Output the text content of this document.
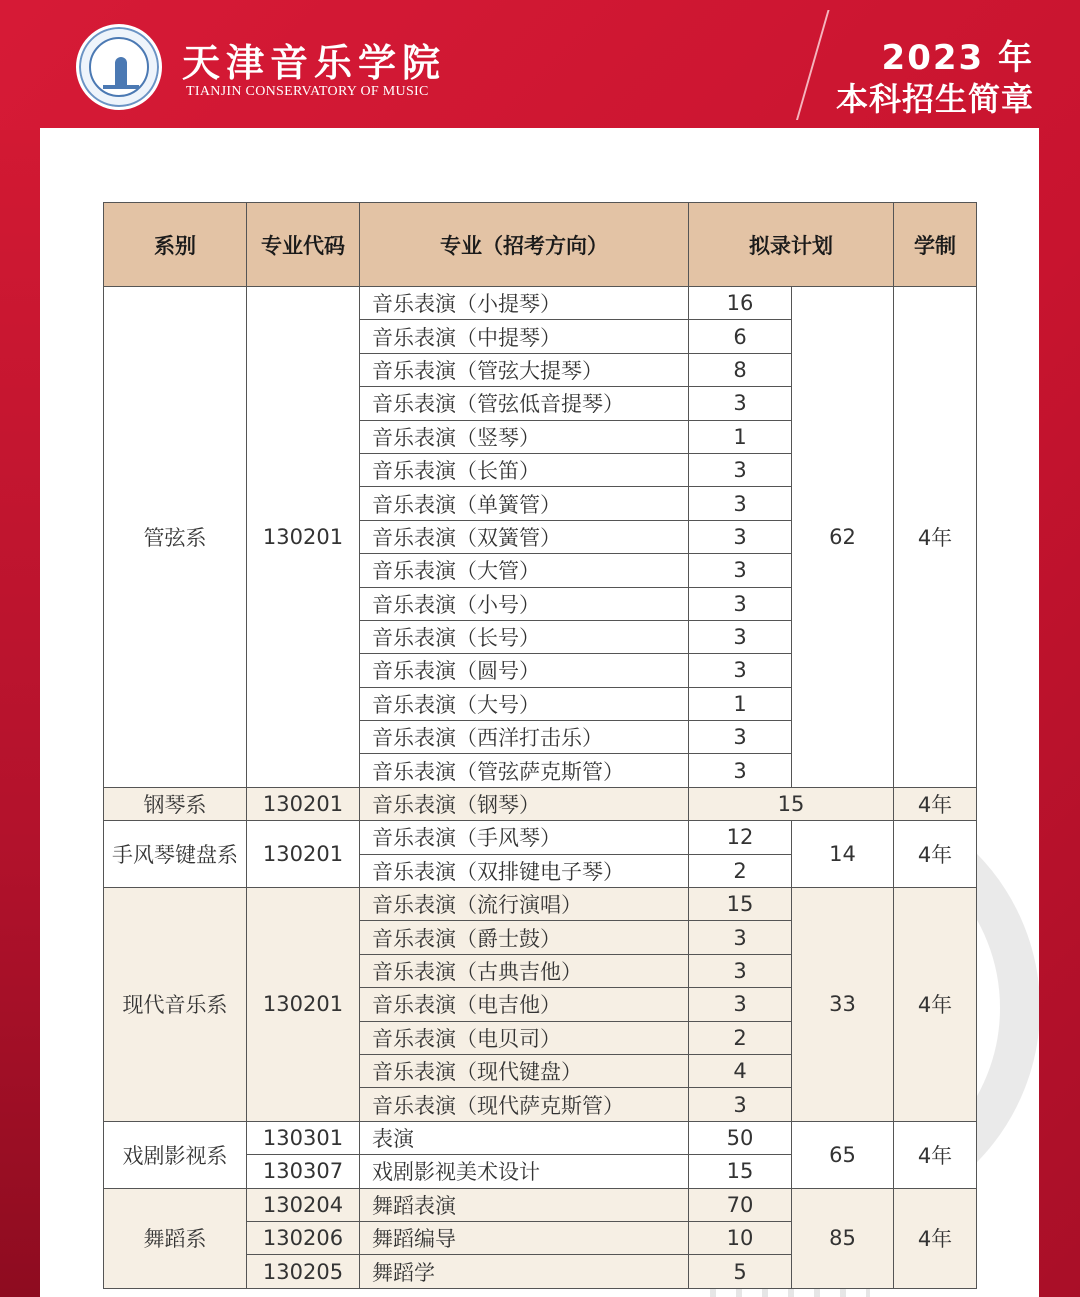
天津音乐学院
TIANJIN CONSERVATORY OF MUSIC
2023 年
本科招生简章
系别	专业代码	专业（招考方向）	拟录计划		学制
管弦系	130201	音乐表演（小提琴）	16	62	4年
		音乐表演（中提琴）	6		
		音乐表演（管弦大提琴）	8		
		音乐表演（管弦低音提琴）	3		
		音乐表演（竖琴）	1		
		音乐表演（长笛）	3		
		音乐表演（单簧管）	3		
		音乐表演（双簧管）	3		
		音乐表演（大管）	3		
		音乐表演（小号）	3		
		音乐表演（长号）	3		
		音乐表演（圆号）	3		
		音乐表演（大号）	1		
		音乐表演（西洋打击乐）	3		
		音乐表演（管弦萨克斯管）	3		
钢琴系	130201	音乐表演（钢琴）	15		4年
手风琴键盘系	130201	音乐表演（手风琴）	12	14	4年
		音乐表演（双排键电子琴）	2		
现代音乐系	130201	音乐表演（流行演唱）	15	33	4年
		音乐表演（爵士鼓）	3		
		音乐表演（古典吉他）	3		
		音乐表演（电吉他）	3		
		音乐表演（电贝司）	2		
		音乐表演（现代键盘）	4		
		音乐表演（现代萨克斯管）	3		
戏剧影视系	130301	表演	50	65	4年
	130307	戏剧影视美术设计	15		
舞蹈系	130204	舞蹈表演	70	85	4年
	130206	舞蹈编导	10		
	130205	舞蹈学	5		
